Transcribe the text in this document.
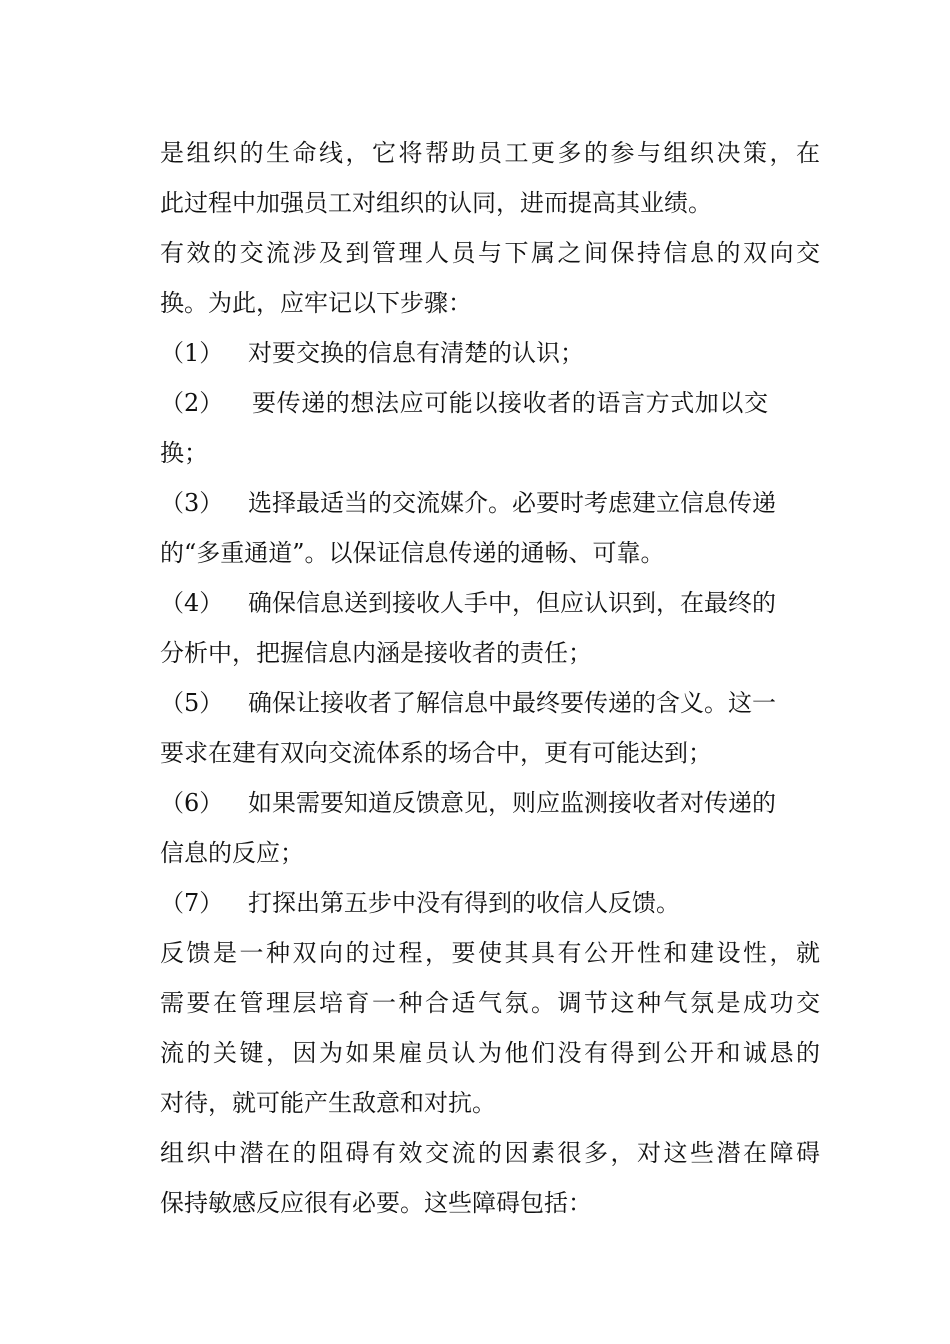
是组织的生命线，它将帮助员工更多的参与组织决策，在
此过程中加强员工对组织的认同，进而提高其业绩。
有效的交流涉及到管理人员与下属之间保持信息的双向交
换。为此，应牢记以下步骤：
（1） 对要交换的信息有清楚的认识；
（2） 要传递的想法应可能以接收者的语言方式加以交
换；
（3） 选择最适当的交流媒介。必要时考虑建立信息传递
的“多重通道”。以保证信息传递的通畅、可靠。
（4） 确保信息送到接收人手中，但应认识到，在最终的
分析中，把握信息内涵是接收者的责任；
（5） 确保让接收者了解信息中最终要传递的含义。这一
要求在建有双向交流体系的场合中，更有可能达到；
（6） 如果需要知道反馈意见，则应监测接收者对传递的
信息的反应；
（7） 打探出第五步中没有得到的收信人反馈。
反馈是一种双向的过程，要使其具有公开性和建设性，就
需要在管理层培育一种合适气氛。调节这种气氛是成功交
流的关键，因为如果雇员认为他们没有得到公开和诚恳的
对待，就可能产生敌意和对抗。
组织中潜在的阻碍有效交流的因素很多，对这些潜在障碍
保持敏感反应很有必要。这些障碍包括：
